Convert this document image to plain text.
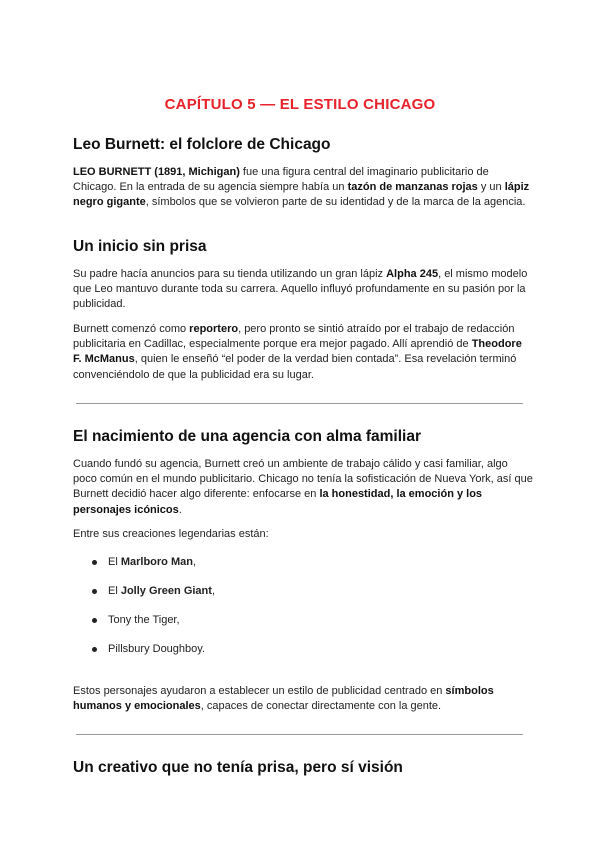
CAPÍTULO 5 — EL ESTILO CHICAGO
Leo Burnett: el folclore de Chicago

LEO BURNETT (1891, Michigan) fue una figura central del imaginario publicitario de Chicago. En la entrada de su agencia siempre había un tazón de manzanas rojas y un lápiz negro gigante, símbolos que se volvieron parte de su identidad y de la marca de la agencia.

Un inicio sin prisa

Su padre hacía anuncios para su tienda utilizando un gran lápiz Alpha 245, el mismo modelo que Leo mantuvo durante toda su carrera. Aquello influyó profundamente en su pasión por la publicidad.

Burnett comenzó como reportero, pero pronto se sintió atraído por el trabajo de redacción publicitaria en Cadillac, especialmente porque era mejor pagado. Allí aprendió de Theodore F. McManus, quien le enseñó “el poder de la verdad bien contada”. Esa revelación terminó convenciéndolo de que la publicidad era su lugar.

El nacimiento de una agencia con alma familiar

Cuando fundó su agencia, Burnett creó un ambiente de trabajo cálido y casi familiar, algo poco común en el mundo publicitario. Chicago no tenía la sofisticación de Nueva York, así que Burnett decidió hacer algo diferente: enfocarse en la honestidad, la emoción y los personajes icónicos.

Entre sus creaciones legendarias están:

El Marlboro Man,
El Jolly Green Giant,
Tony the Tiger,
Pillsbury Doughboy.

Estos personajes ayudaron a establecer un estilo de publicidad centrado en símbolos humanos y emocionales, capaces de conectar directamente con la gente.

Un creativo que no tenía prisa, pero sí visión
